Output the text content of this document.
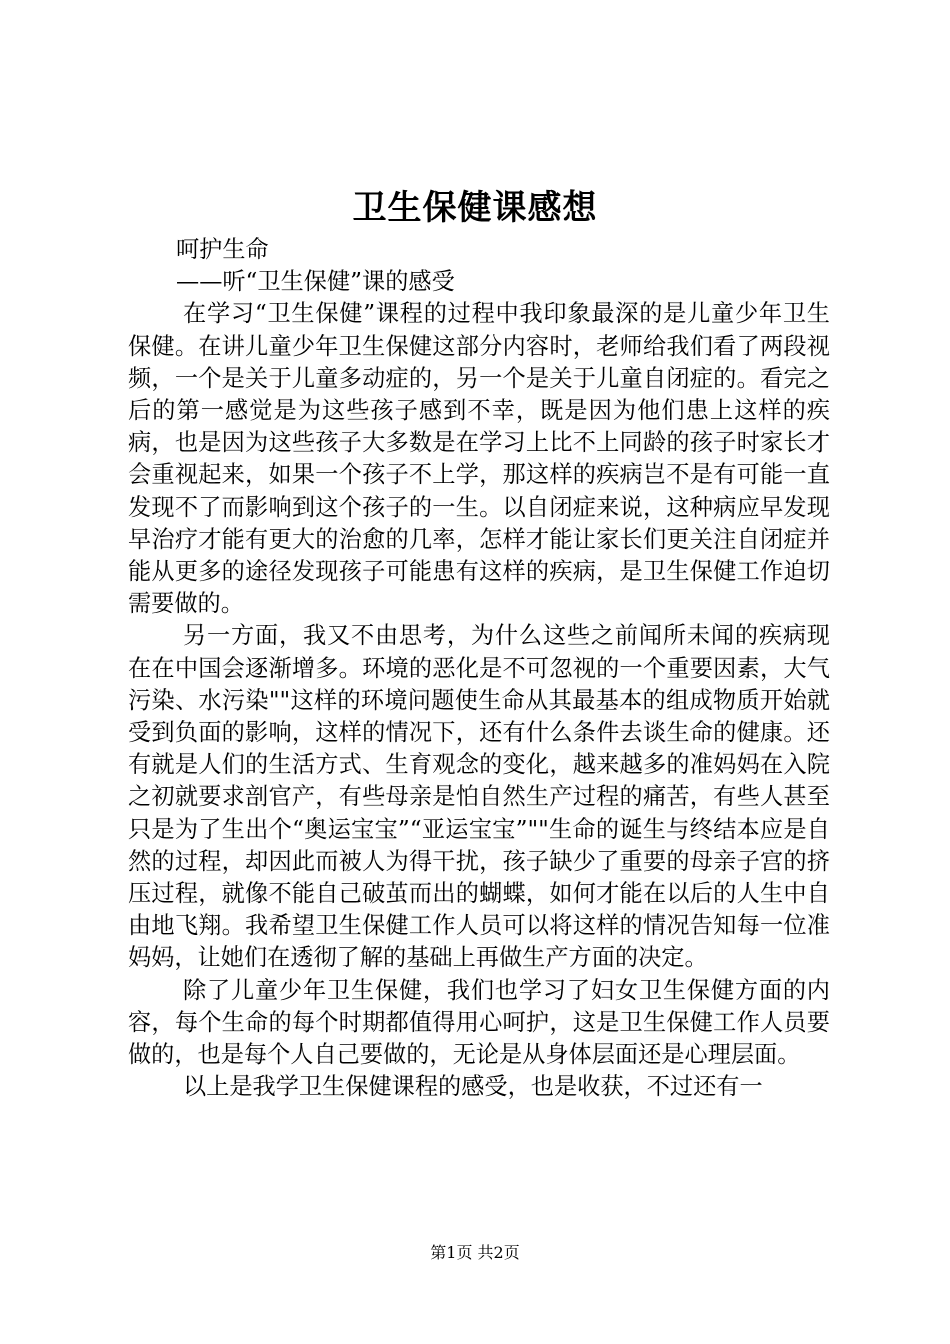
卫生保健课感想

呵护生命

——听“卫生保健”课的感受

在学习“卫生保健”课程的过程中我印象最深的是儿童少年卫生保健。在讲儿童少年卫生保健这部分内容时，老师给我们看了两段视频，一个是关于儿童多动症的，另一个是关于儿童自闭症的。看完之后的第一感觉是为这些孩子感到不幸，既是因为他们患上这样的疾病，也是因为这些孩子大多数是在学习上比不上同龄的孩子时家长才会重视起来，如果一个孩子不上学，那这样的疾病岂不是有可能一直发现不了而影响到这个孩子的一生。以自闭症来说，这种病应早发现早治疗才能有更大的治愈的几率，怎样才能让家长们更关注自闭症并能从更多的途径发现孩子可能患有这样的疾病，是卫生保健工作迫切需要做的。

另一方面，我又不由思考，为什么这些之前闻所未闻的疾病现在在中国会逐渐增多。环境的恶化是不可忽视的一个重要因素，大气污染、水污染""这样的环境问题使生命从其最基本的组成物质开始就受到负面的影响，这样的情况下，还有什么条件去谈生命的健康。还有就是人们的生活方式、生育观念的变化，越来越多的准妈妈在入院之初就要求剖官产，有些母亲是怕自然生产过程的痛苦，有些人甚至只是为了生出个“奥运宝宝”“亚运宝宝”""生命的诞生与终结本应是自然的过程，却因此而被人为得干扰，孩子缺少了重要的母亲子宫的挤压过程，就像不能自己破茧而出的蝴蝶，如何才能在以后的人生中自由地飞翔。我希望卫生保健工作人员可以将这样的情况告知每一位准妈妈，让她们在透彻了解的基础上再做生产方面的决定。

除了儿童少年卫生保健，我们也学习了妇女卫生保健方面的内容，每个生命的每个时期都值得用心呵护，这是卫生保健工作人员要做的，也是每个人自己要做的，无论是从身体层面还是心理层面。

以上是我学卫生保健课程的感受，也是收获，不过还有一

第1页 共2页
